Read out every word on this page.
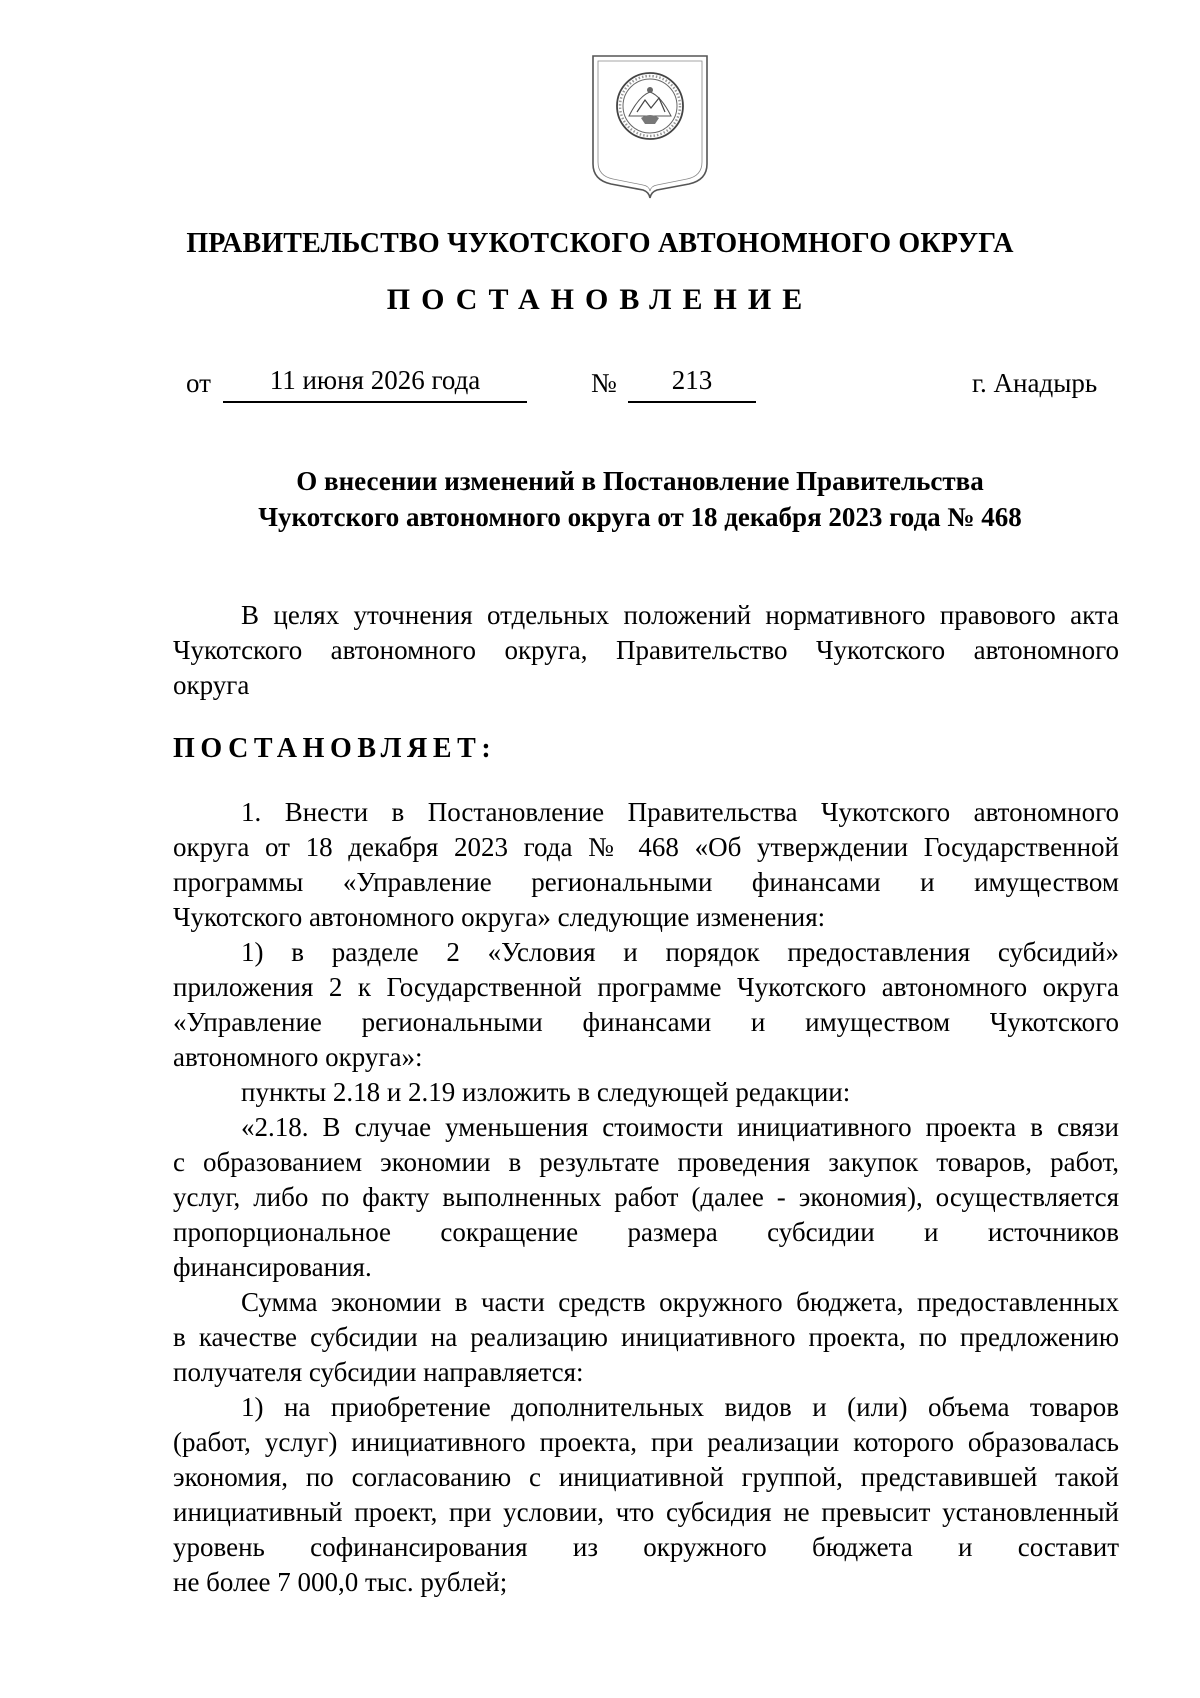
ПРАВИТЕЛЬСТВО ЧУКОТСКОГО АВТОНОМНОГО ОКРУГА
ПОСТАНОВЛЕНИЕ
от	11 июня 2026 года	№	213	г. Анадырь
О внесении изменений в Постановление Правительства
Чукотского автономного округа от 18 декабря 2023 года № 468
В целях уточнения отдельных положений нормативного правового акта
Чукотского автономного округа, Правительство Чукотского автономного
округа
ПОСТАНОВЛЯЕТ:
1. Внести в Постановление Правительства Чукотского автономного
округа от 18 декабря 2023 года № 468 «Об утверждении Государственной
программы «Управление региональными финансами и имуществом
Чукотского автономного округа» следующие изменения:
1) в разделе 2 «Условия и порядок предоставления субсидий»
приложения 2 к Государственной программе Чукотского автономного округа
«Управление региональными финансами и имуществом Чукотского
автономного округа»:
пункты 2.18 и 2.19 изложить в следующей редакции:
«2.18. В случае уменьшения стоимости инициативного проекта в связи
с образованием экономии в результате проведения закупок товаров, работ,
услуг, либо по факту выполненных работ (далее - экономия), осуществляется
пропорциональное сокращение размера субсидии и источников
финансирования.
Сумма экономии в части средств окружного бюджета, предоставленных
в качестве субсидии на реализацию инициативного проекта, по предложению
получателя субсидии направляется:
1) на приобретение дополнительных видов и (или) объема товаров
(работ, услуг) инициативного проекта, при реализации которого образовалась
экономия, по согласованию с инициативной группой, представившей такой
инициативный проект, при условии, что субсидия не превысит установленный
уровень софинансирования из окружного бюджета и составит
не более 7 000,0 тыс. рублей;
